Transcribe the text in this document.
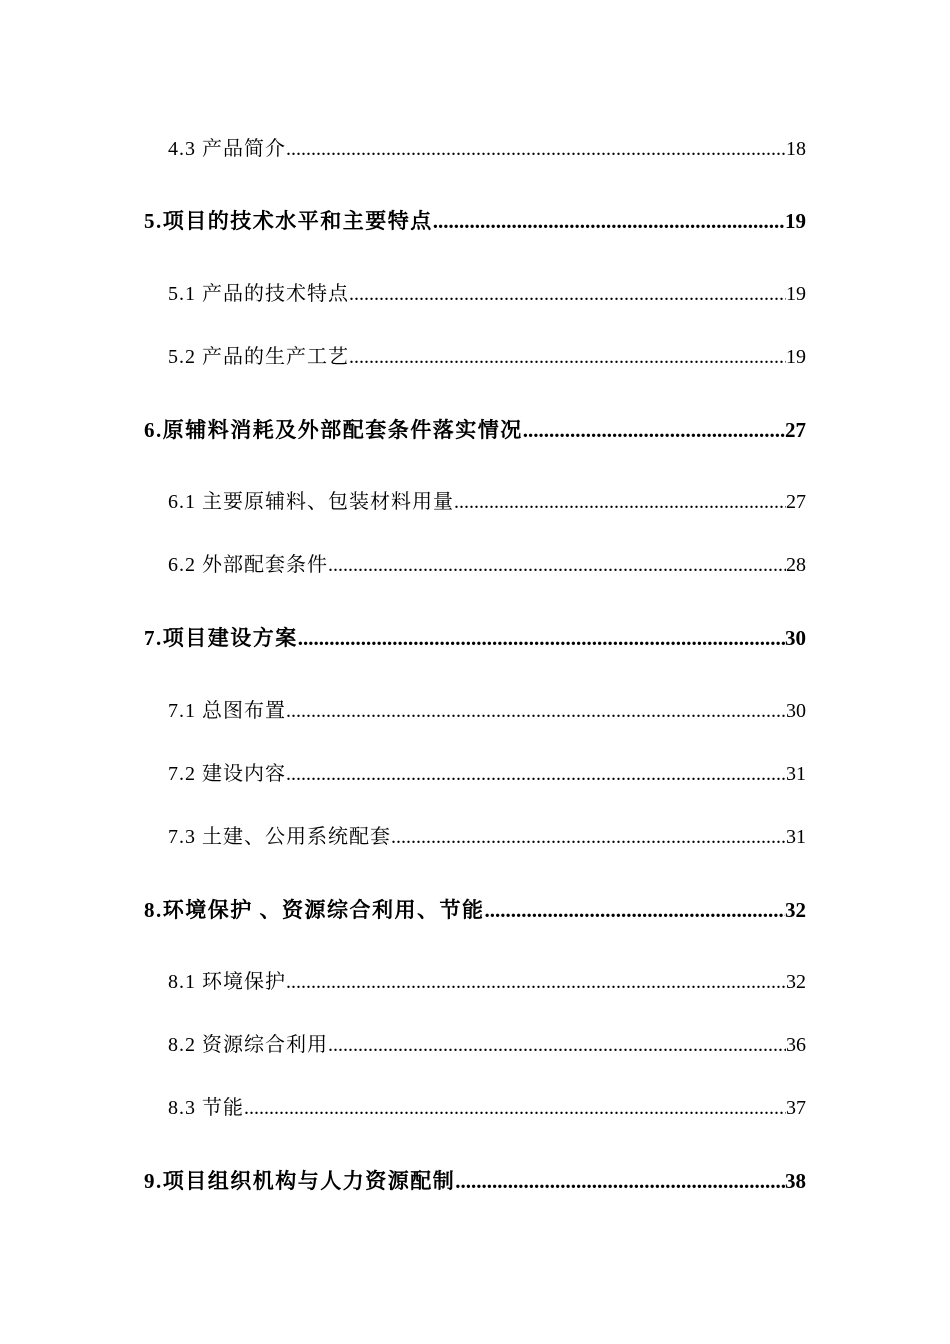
4.3 产品简介 .....	18
5.项目的技术水平和主要特点 .....	19
5.1 产品的技术特点 .....	19
5.2 产品的生产工艺 .....	19
6.原辅料消耗及外部配套条件落实情况 .....	27
6.1 主要原辅料、包装材料用量 .....	27
6.2 外部配套条件 .....	28
7.项目建设方案 .....	30
7.1 总图布置 .....	30
7.2 建设内容 .....	31
7.3 土建、公用系统配套 .....	31
8.环境保护 、资源综合利用、节能 .....	32
8.1 环境保护 .....	32
8.2 资源综合利用 .....	36
8.3 节能 .....	37
9.项目组织机构与人力资源配制 .....	38
